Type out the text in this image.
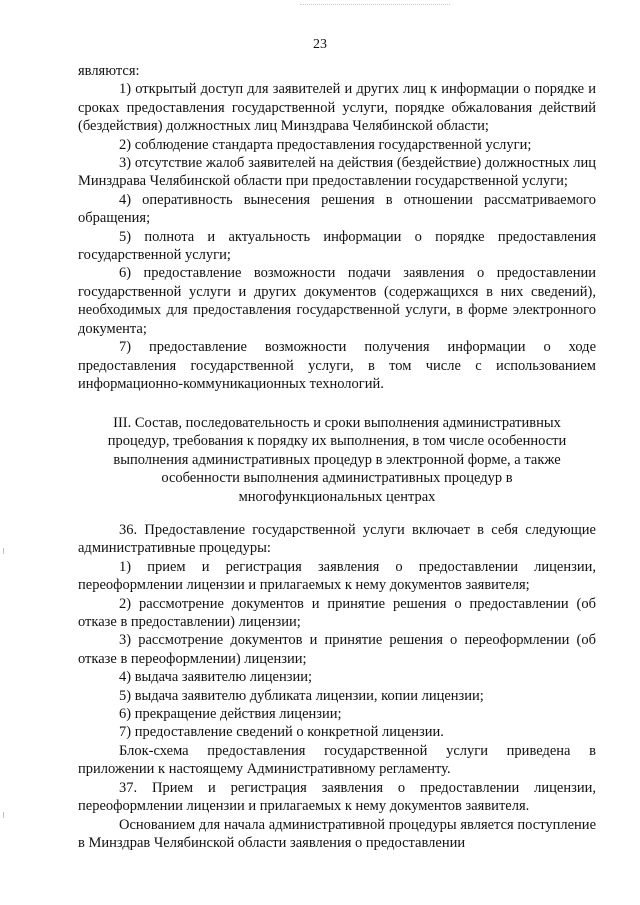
23

являются:

1) открытый доступ для заявителей и других лиц к информации о порядке и сроках предоставления государственной услуги, порядке обжалования действий (бездействия) должностных лиц Минздрава Челябинской области;

2) соблюдение стандарта предоставления государственной услуги;

3) отсутствие жалоб заявителей на действия (бездействие) должностных лиц Минздрава Челябинской области при предоставлении государственной услуги;

4) оперативность вынесения решения в отношении рассматриваемого обращения;

5) полнота и актуальность информации о порядке предоставления государственной услуги;

6) предоставление возможности подачи заявления о предоставлении государственной услуги и других документов (содержащихся в них сведений), необходимых для предоставления государственной услуги, в форме электронного документа;

7) предоставление возможности получения информации о ходе предоставления государственной услуги, в том числе с использованием информационно-коммуникационных технологий.

III. Состав, последовательность и сроки выполнения административных

процедур, требования к порядку их выполнения, в том числе особенности

выполнения административных процедур в электронной форме, а также

особенности выполнения административных процедур в

многофункциональных центрах

36. Предоставление государственной услуги включает в себя следующие административные процедуры:

1) прием и регистрация заявления о предоставлении лицензии, переоформлении лицензии и прилагаемых к нему документов заявителя;

2) рассмотрение документов и принятие решения о предоставлении (об отказе в предоставлении) лицензии;

3) рассмотрение документов и принятие решения о переоформлении (об отказе в переоформлении) лицензии;

4) выдача заявителю лицензии;

5) выдача заявителю дубликата лицензии, копии лицензии;

6) прекращение действия лицензии;

7) предоставление сведений о конкретной лицензии.

Блок-схема предоставления государственной услуги приведена в приложении к настоящему Административному регламенту.

37. Прием и регистрация заявления о предоставлении лицензии, переоформлении лицензии и прилагаемых к нему документов заявителя.

Основанием для начала административной процедуры является поступление в Минздрав Челябинской области заявления о предоставлении
